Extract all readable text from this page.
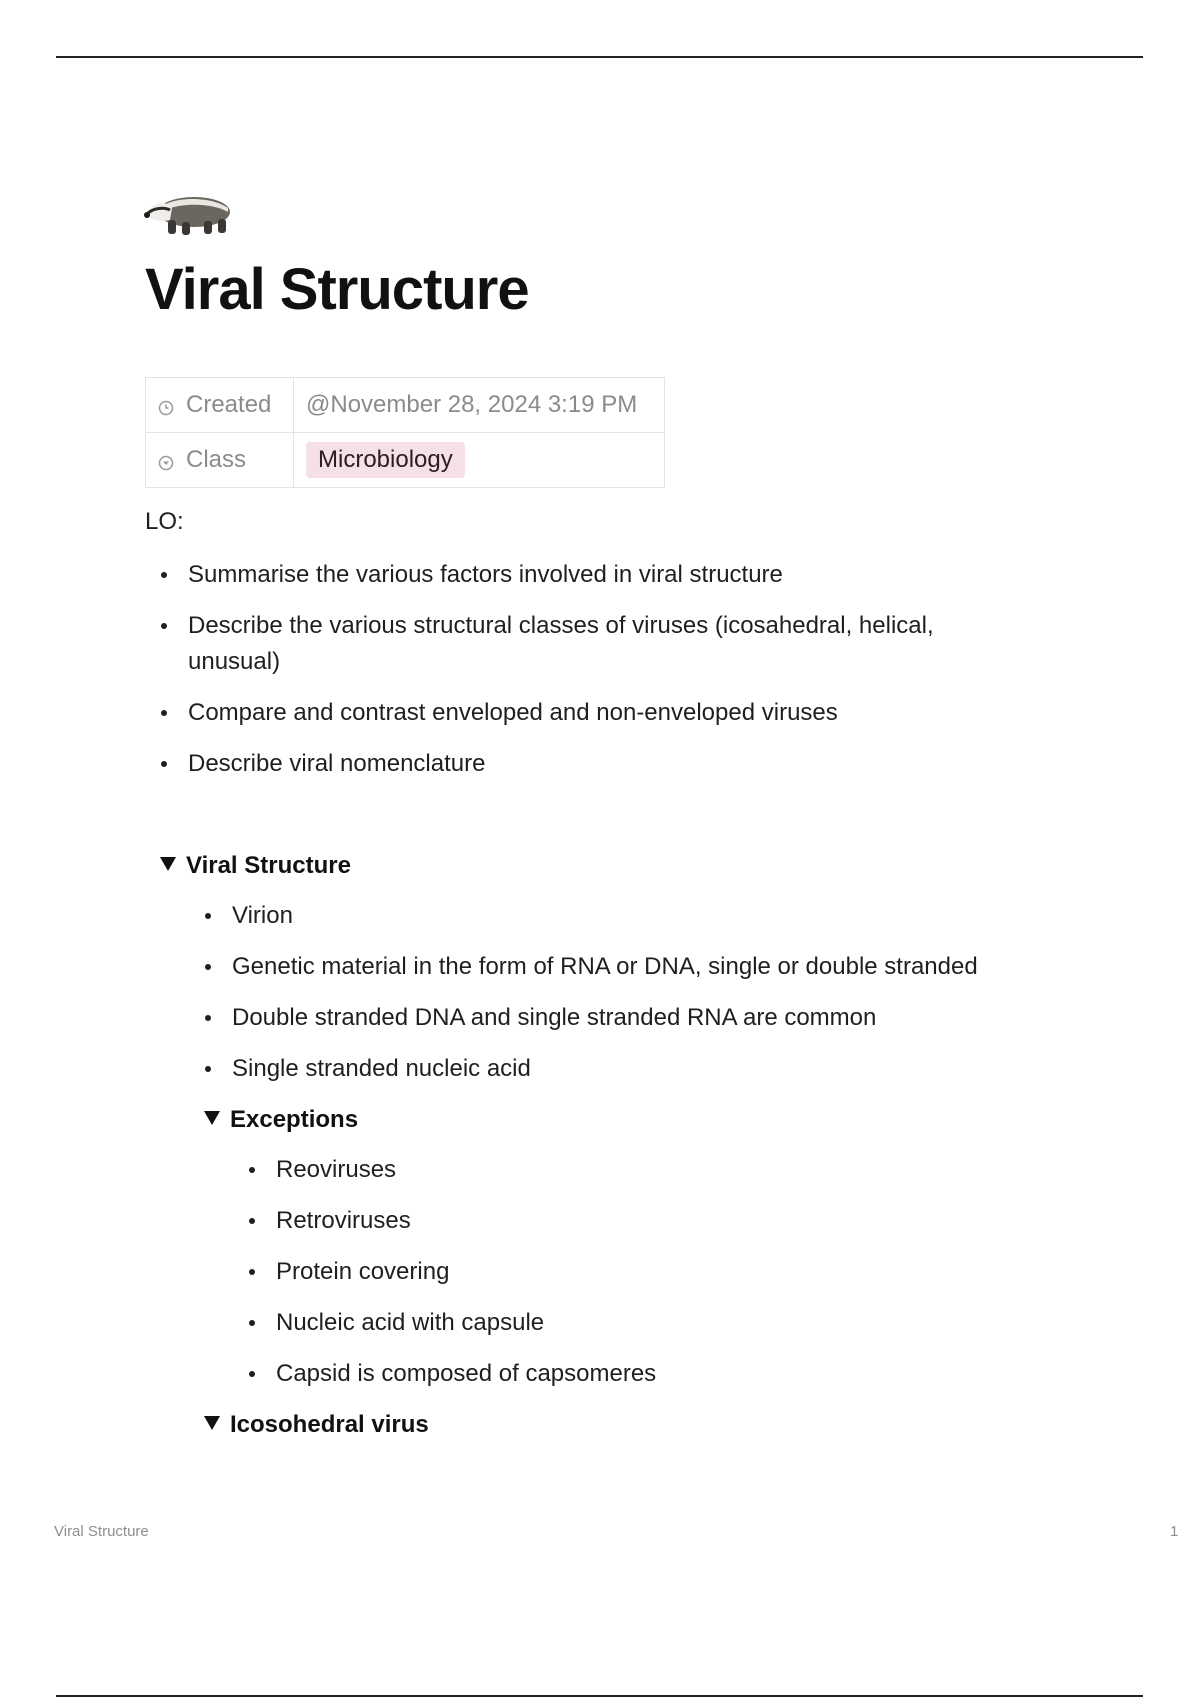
Viral Structure
Created	@November 28, 2024 3:19 PM
Class	Microbiology

LO:

Summarise the various factors involved in viral structure
Describe the various structural classes of viruses (icosahedral, helical, unusual)
Compare and contrast enveloped and non-enveloped viruses
Describe viral nomenclature

Viral Structure

Virion
Genetic material in the form of RNA or DNA, single or double stranded
Double stranded DNA and single stranded RNA are common
Single stranded nucleic acid

Exceptions

Reoviruses
Retroviruses
Protein covering
Nucleic acid with capsule
Capsid is composed of capsomeres

Icosohedral virus

Viral Structure	1
